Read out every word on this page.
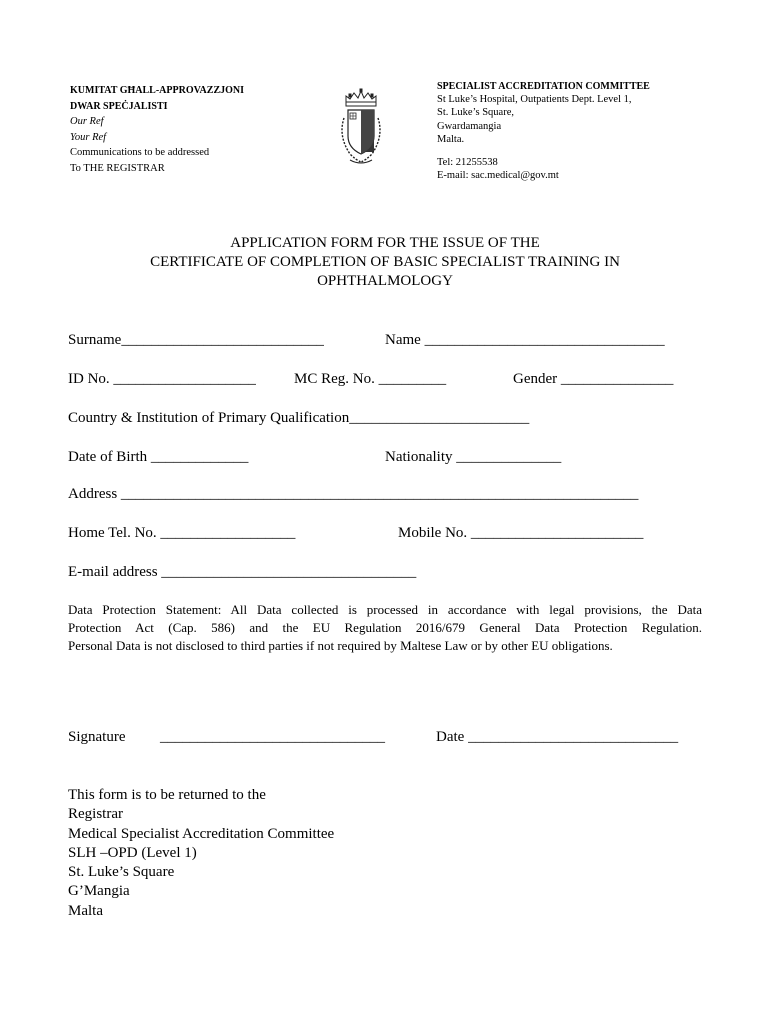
KUMITAT GĦALL-APPROVAZZJONI
DWAR SPEĊJALISTI
Our Ref
Your Ref
Communications to be addressed
To THE REGISTRAR
SPECIALIST ACCREDITATION COMMITTEE
St Luke’s Hospital, Outpatients Dept. Level 1,
St. Luke’s Square,
Gwardamangia
Malta.
Tel: 21255538
E-mail: sac.medical@gov.mt
APPLICATION FORM FOR THE ISSUE OF THE
CERTIFICATE OF COMPLETION OF BASIC SPECIALIST TRAINING IN
OPHTHALMOLOGY
Surname___________________________	Name ________________________________
ID No. ___________________	MC Reg. No. _________	Gender _______________
Country & Institution of Primary Qualification________________________
Date of Birth _____________	Nationality ______________
Address _____________________________________________________________________
Home Tel. No. __________________	Mobile No. _______________________
E-mail address __________________________________
Data Protection Statement: All Data collected is processed in accordance with legal provisions, the Data
Protection Act (Cap. 586) and the EU Regulation 2016/679 General Data Protection Regulation.
Personal Data is not disclosed to third parties if not required by Maltese Law or by other EU obligations.
Signature ______________________________	Date ____________________________
This form is to be returned to the
Registrar
Medical Specialist Accreditation Committee
SLH –OPD (Level 1)
St. Luke’s Square
G’Mangia
Malta
